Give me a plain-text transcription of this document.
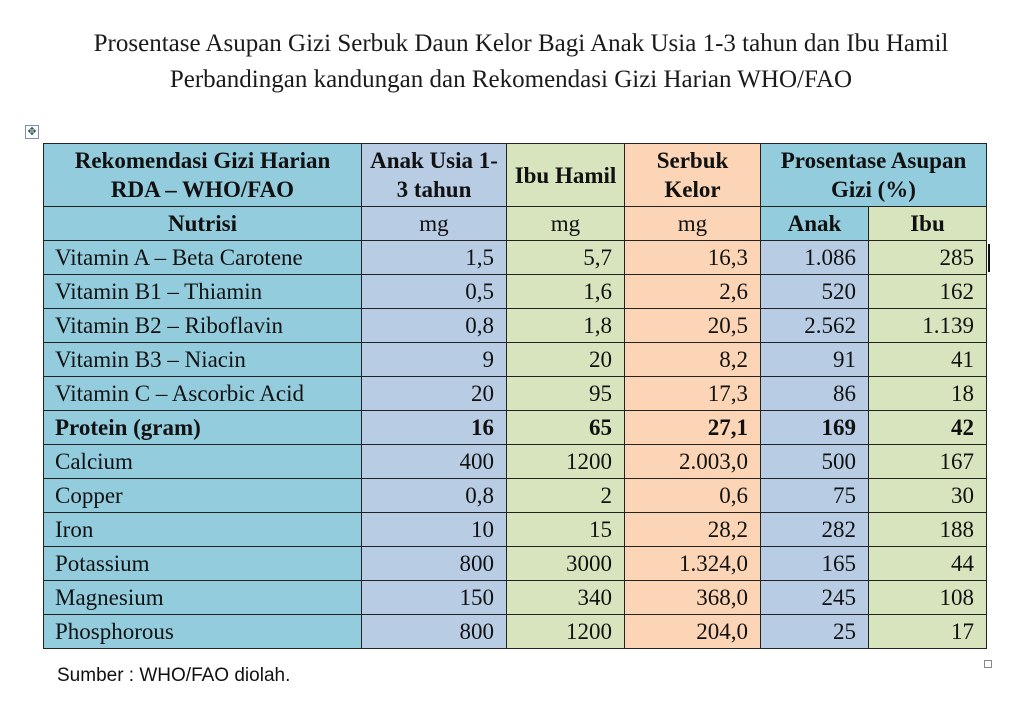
Prosentase Asupan Gizi Serbuk Daun Kelor Bagi Anak Usia 1-3 tahun dan Ibu Hamil
Perbandingan kandungan dan Rekomendasi Gizi Harian WHO/FAO
✥
Rekomendasi Gizi Harian RDA – WHO/FAO	Anak Usia 1-3 tahun	Ibu Hamil	Serbuk Kelor	Prosentase Asupan Gizi (%)	
Nutrisi	mg	mg	mg	Anak	Ibu
Vitamin A – Beta Carotene	1,5	5,7	16,3	1.086	285
Vitamin B1 – Thiamin	0,5	1,6	2,6	520	162
Vitamin B2 – Riboflavin	0,8	1,8	20,5	2.562	1.139
Vitamin B3 – Niacin	9	20	8,2	91	41
Vitamin C – Ascorbic Acid	20	95	17,3	86	18
Protein (gram)	16	65	27,1	169	42
Calcium	400	1200	2.003,0	500	167
Copper	0,8	2	0,6	75	30
Iron	10	15	28,2	282	188
Potassium	800	3000	1.324,0	165	44
Magnesium	150	340	368,0	245	108
Phosphorous	800	1200	204,0	25	17
Sumber : WHO/FAO diolah.
